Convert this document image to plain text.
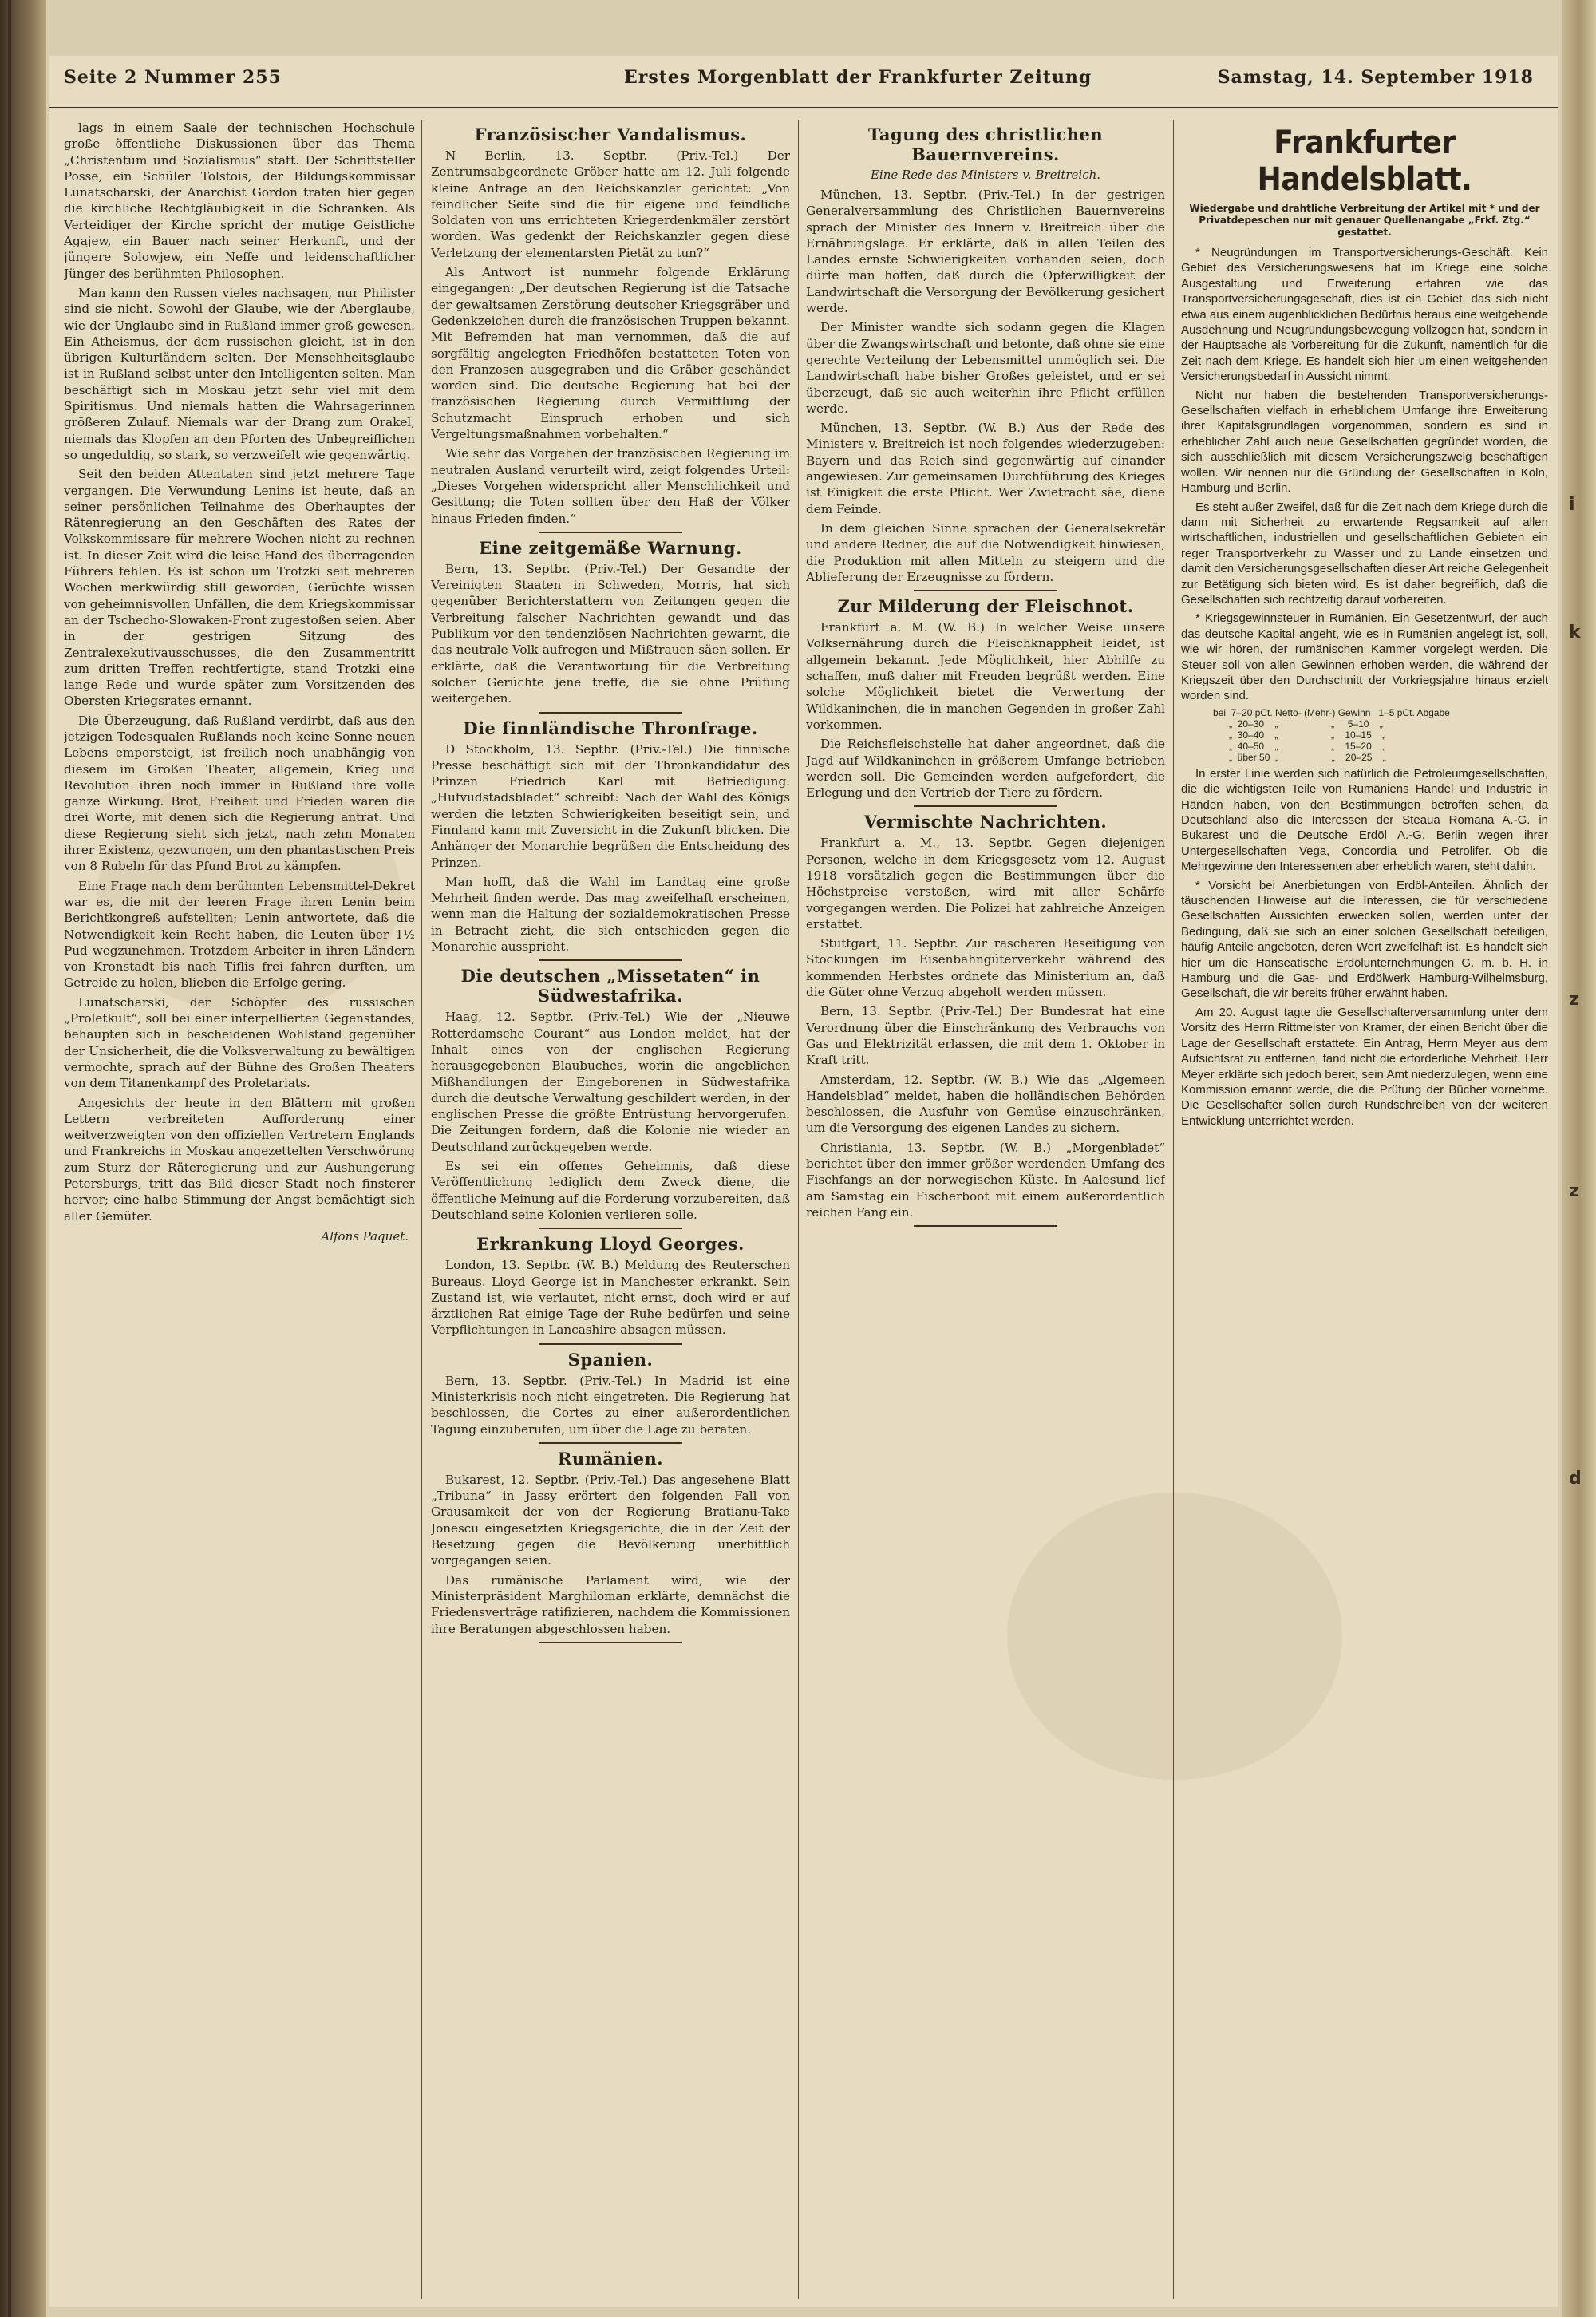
i
k
z
z
d
Seite 2 Nummer 255	Erstes Morgenblatt der Frankfurter Zeitung	Samstag, 14. September 1918

lags in einem Saale der technischen Hochschule große öffentliche Diskussionen über das Thema „Christentum und Sozialismus“ statt. Der Schriftsteller Posse, ein Schüler Tolstois, der Bildungskommissar Lunatscharski, der Anarchist Gordon traten hier gegen die kirchliche Rechtgläubigkeit in die Schranken. Als Verteidiger der Kirche spricht der mutige Geistliche Agajew, ein Bauer nach seiner Herkunft, und der jüngere Solowjew, ein Neffe und leidenschaftlicher Jünger des berühmten Philosophen.

Man kann den Russen vieles nachsagen, nur Philister sind sie nicht. Sowohl der Glaube, wie der Aberglaube, wie der Unglaube sind in Rußland immer groß gewesen. Ein Atheismus, der dem russischen gleicht, ist in den übrigen Kulturländern selten. Der Menschheitsglaube ist in Rußland selbst unter den Intelligenten selten. Man beschäftigt sich in Moskau jetzt sehr viel mit dem Spiritismus. Und niemals hatten die Wahrsagerinnen größeren Zulauf. Niemals war der Drang zum Orakel, niemals das Klopfen an den Pforten des Unbegreiflichen so ungeduldig, so stark, so verzweifelt wie gegenwärtig.

Seit den beiden Attentaten sind jetzt mehrere Tage vergangen. Die Verwundung Lenins ist heute, daß an seiner persönlichen Teilnahme des Oberhauptes der Rätenregierung an den Geschäften des Rates der Volkskommissare für mehrere Wochen nicht zu rechnen ist. In dieser Zeit wird die leise Hand des überragenden Führers fehlen. Es ist schon um Trotzki seit mehreren Wochen merkwürdig still geworden; Gerüchte wissen von geheimnisvollen Unfällen, die dem Kriegskommissar an der Tschecho-Slowaken-Front zugestoßen seien. Aber in der gestrigen Sitzung des Zentralexekutivausschusses, die den Zusammentritt zum dritten Treffen rechtfertigte, stand Trotzki eine lange Rede und wurde später zum Vorsitzenden des Obersten Kriegsrates ernannt.

Die Überzeugung, daß Rußland verdirbt, daß aus den jetzigen Todesqualen Rußlands noch keine Sonne neuen Lebens emporsteigt, ist freilich noch unabhängig von diesem im Großen Theater, allgemein, Krieg und Revolution ihren noch immer in Rußland ihre volle ganze Wirkung. Brot, Freiheit und Frieden waren die drei Worte, mit denen sich die Regierung antrat. Und diese Regierung sieht sich jetzt, nach zehn Monaten ihrer Existenz, gezwungen, um den phantastischen Preis von 8 Rubeln für das Pfund Brot zu kämpfen.

Eine Frage nach dem berühmten Lebensmittel-Dekret war es, die mit der leeren Frage ihren Lenin beim Berichtkongreß aufstellten; Lenin antwortete, daß die Notwendigkeit kein Recht haben, die Leuten über 1½ Pud wegzunehmen. Trotzdem Arbeiter in ihren Ländern von Kronstadt bis nach Tiflis frei fahren durften, um Getreide zu holen, blieben die Erfolge gering.

Lunatscharski, der Schöpfer des russischen „Proletkult“, soll bei einer interpellierten Gegenstandes, behaupten sich in bescheidenen Wohlstand gegenüber der Unsicherheit, die die Volksverwaltung zu bewältigen vermochte, sprach auf der Bühne des Großen Theaters von dem Titanenkampf des Proletariats.

Angesichts der heute in den Blättern mit großen Lettern verbreiteten Aufforderung einer weitverzweigten von den offiziellen Vertretern Englands und Frankreichs in Moskau angezettelten Verschwörung zum Sturz der Räteregierung und zur Aushungerung Petersburgs, tritt das Bild dieser Stadt noch finsterer hervor; eine halbe Stimmung der Angst bemächtigt sich aller Gemüter.

Alfons Paquet.
Französischer Vandalismus.

N Berlin, 13. Septbr. (Priv.-Tel.) Der Zentrumsabgeordnete Gröber hatte am 12. Juli folgende kleine Anfrage an den Reichskanzler gerichtet: „Von feindlicher Seite sind die für eigene und feindliche Soldaten von uns errichteten Kriegerdenkmäler zerstört worden. Was gedenkt der Reichskanzler gegen diese Verletzung der elementarsten Pietät zu tun?“

Als Antwort ist nunmehr folgende Erklärung eingegangen: „Der deutschen Regierung ist die Tatsache der gewaltsamen Zerstörung deutscher Kriegsgräber und Gedenkzeichen durch die französischen Truppen bekannt. Mit Befremden hat man vernommen, daß die auf sorgfältig angelegten Friedhöfen bestatteten Toten von den Franzosen ausgegraben und die Gräber geschändet worden sind. Die deutsche Regierung hat bei der französischen Regierung durch Vermittlung der Schutzmacht Einspruch erhoben und sich Vergeltungsmaßnahmen vorbehalten.“

Wie sehr das Vorgehen der französischen Regierung im neutralen Ausland verurteilt wird, zeigt folgendes Urteil: „Dieses Vorgehen widerspricht aller Menschlichkeit und Gesittung; die Toten sollten über den Haß der Völker hinaus Frieden finden.“

Eine zeitgemäße Warnung.

Bern, 13. Septbr. (Priv.-Tel.) Der Gesandte der Vereinigten Staaten in Schweden, Morris, hat sich gegenüber Berichterstattern von Zeitungen gegen die Verbreitung falscher Nachrichten gewandt und das Publikum vor den tendenziösen Nachrichten gewarnt, die das neutrale Volk aufregen und Mißtrauen säen sollen. Er erklärte, daß die Verantwortung für die Verbreitung solcher Gerüchte jene treffe, die sie ohne Prüfung weitergeben.

Die finnländische Thronfrage.

D Stockholm, 13. Septbr. (Priv.-Tel.) Die finnische Presse beschäftigt sich mit der Thronkandidatur des Prinzen Friedrich Karl mit Befriedigung. „Hufvudstadsbladet“ schreibt: Nach der Wahl des Königs werden die letzten Schwierigkeiten beseitigt sein, und Finnland kann mit Zuversicht in die Zukunft blicken. Die Anhänger der Monarchie begrüßen die Entscheidung des Prinzen.

Man hofft, daß die Wahl im Landtag eine große Mehrheit finden werde. Das mag zweifelhaft erscheinen, wenn man die Haltung der sozialdemokratischen Presse in Betracht zieht, die sich entschieden gegen die Monarchie ausspricht.

Die deutschen „Missetaten“ in Südwestafrika.

Haag, 12. Septbr. (Priv.-Tel.) Wie der „Nieuwe Rotterdamsche Courant“ aus London meldet, hat der Inhalt eines von der englischen Regierung herausgegebenen Blaubuches, worin die angeblichen Mißhandlungen der Eingeborenen in Südwestafrika durch die deutsche Verwaltung geschildert werden, in der englischen Presse die größte Entrüstung hervorgerufen. Die Zeitungen fordern, daß die Kolonie nie wieder an Deutschland zurückgegeben werde.

Es sei ein offenes Geheimnis, daß diese Veröffentlichung lediglich dem Zweck diene, die öffentliche Meinung auf die Forderung vorzubereiten, daß Deutschland seine Kolonien verlieren solle.

Erkrankung Lloyd Georges.

London, 13. Septbr. (W. B.) Meldung des Reuterschen Bureaus. Lloyd George ist in Manchester erkrankt. Sein Zustand ist, wie verlautet, nicht ernst, doch wird er auf ärztlichen Rat einige Tage der Ruhe bedürfen und seine Verpflichtungen in Lancashire absagen müssen.

Spanien.

Bern, 13. Septbr. (Priv.-Tel.) In Madrid ist eine Ministerkrisis noch nicht eingetreten. Die Regierung hat beschlossen, die Cortes zu einer außerordentlichen Tagung einzuberufen, um über die Lage zu beraten.

Rumänien.

Bukarest, 12. Septbr. (Priv.-Tel.) Das angesehene Blatt „Tribuna“ in Jassy erörtert den folgenden Fall von Grausamkeit der von der Regierung Bratianu-Take Jonescu eingesetzten Kriegsgerichte, die in der Zeit der Besetzung gegen die Bevölkerung unerbittlich vorgegangen seien.

Das rumänische Parlament wird, wie der Ministerpräsident Marghiloman erklärte, demnächst die Friedensverträge ratifizieren, nachdem die Kommissionen ihre Beratungen abgeschlossen haben.

Tagung des christlichen Bauernvereins.
Eine Rede des Ministers v. Breitreich.

München, 13. Septbr. (Priv.-Tel.) In der gestrigen Generalversammlung des Christlichen Bauernvereins sprach der Minister des Innern v. Breitreich über die Ernährungslage. Er erklärte, daß in allen Teilen des Landes ernste Schwierigkeiten vorhanden seien, doch dürfe man hoffen, daß durch die Opferwilligkeit der Landwirtschaft die Versorgung der Bevölkerung gesichert werde.

Der Minister wandte sich sodann gegen die Klagen über die Zwangswirtschaft und betonte, daß ohne sie eine gerechte Verteilung der Lebensmittel unmöglich sei. Die Landwirtschaft habe bisher Großes geleistet, und er sei überzeugt, daß sie auch weiterhin ihre Pflicht erfüllen werde.

München, 13. Septbr. (W. B.) Aus der Rede des Ministers v. Breitreich ist noch folgendes wiederzugeben: Bayern und das Reich sind gegenwärtig auf einander angewiesen. Zur gemeinsamen Durchführung des Krieges ist Einigkeit die erste Pflicht. Wer Zwietracht säe, diene dem Feinde.

In dem gleichen Sinne sprachen der Generalsekretär und andere Redner, die auf die Notwendigkeit hinwiesen, die Produktion mit allen Mitteln zu steigern und die Ablieferung der Erzeugnisse zu fördern.

Zur Milderung der Fleischnot.

Frankfurt a. M. (W. B.) In welcher Weise unsere Volksernährung durch die Fleischknappheit leidet, ist allgemein bekannt. Jede Möglichkeit, hier Abhilfe zu schaffen, muß daher mit Freuden begrüßt werden. Eine solche Möglichkeit bietet die Verwertung der Wildkaninchen, die in manchen Gegenden in großer Zahl vorkommen.

Die Reichsfleischstelle hat daher angeordnet, daß die Jagd auf Wildkaninchen in größerem Umfange betrieben werden soll. Die Gemeinden werden aufgefordert, die Erlegung und den Vertrieb der Tiere zu fördern.

Vermischte Nachrichten.

Frankfurt a. M., 13. Septbr. Gegen diejenigen Personen, welche in dem Kriegsgesetz vom 12. August 1918 vorsätzlich gegen die Bestimmungen über die Höchstpreise verstoßen, wird mit aller Schärfe vorgegangen werden. Die Polizei hat zahlreiche Anzeigen erstattet.

Stuttgart, 11. Septbr. Zur rascheren Beseitigung von Stockungen im Eisenbahngüterverkehr während des kommenden Herbstes ordnete das Ministerium an, daß die Güter ohne Verzug abgeholt werden müssen.

Bern, 13. Septbr. (Priv.-Tel.) Der Bundesrat hat eine Verordnung über die Einschränkung des Verbrauchs von Gas und Elektrizität erlassen, die mit dem 1. Oktober in Kraft tritt.

Amsterdam, 12. Septbr. (W. B.) Wie das „Algemeen Handelsblad“ meldet, haben die holländischen Behörden beschlossen, die Ausfuhr von Gemüse einzuschränken, um die Versorgung des eigenen Landes zu sichern.

Christiania, 13. Septbr. (W. B.) „Morgenbladet“ berichtet über den immer größer werdenden Umfang des Fischfangs an der norwegischen Küste. In Aalesund lief am Samstag ein Fischerboot mit einem außerordentlich reichen Fang ein.

Frankfurter Handelsblatt.
Wiedergabe und drahtliche Verbreitung der Artikel mit * und der Privatdepeschen nur mit genauer Quellenangabe „Frkf. Ztg.“ gestattet.

* Neugründungen im Transportversicherungs-Geschäft. Kein Gebiet des Versicherungswesens hat im Kriege eine solche Ausgestaltung und Erweiterung erfahren wie das Transportversicherungsgeschäft, dies ist ein Gebiet, das sich nicht etwa aus einem augenblicklichen Bedürfnis heraus eine weitgehende Ausdehnung und Neugründungsbewegung vollzogen hat, sondern in der Hauptsache als Vorbereitung für die Zukunft, namentlich für die Zeit nach dem Kriege. Es handelt sich hier um einen weitgehenden Versicherungsbedarf in Aussicht nimmt.

Nicht nur haben die bestehenden Transportversicherungs-Gesellschaften vielfach in erheblichem Umfange ihre Erweiterung ihrer Kapitalsgrundlagen vorgenommen, sondern es sind in erheblicher Zahl auch neue Gesellschaften gegründet worden, die sich ausschließlich mit diesem Versicherungszweig beschäftigen wollen. Wir nennen nur die Gründung der Gesellschaften in Köln, Hamburg und Berlin.

Es steht außer Zweifel, daß für die Zeit nach dem Kriege durch die dann mit Sicherheit zu erwartende Regsamkeit auf allen wirtschaftlichen, industriellen und gesellschaftlichen Gebieten ein reger Transportverkehr zu Wasser und zu Lande einsetzen und damit den Versicherungsgesellschaften dieser Art reiche Gelegenheit zur Betätigung sich bieten wird. Es ist daher begreiflich, daß die Gesellschaften sich rechtzeitig darauf vorbereiten.

* Kriegsgewinnsteuer in Rumänien. Ein Gesetzentwurf, der auch das deutsche Kapital angeht, wie es in Rumänien angelegt ist, soll, wie wir hören, der rumänischen Kammer vorgelegt werden. Die Steuer soll von allen Gewinnen erhoben werden, die während der Kriegszeit über den Durchschnitt der Vorkriegsjahre hinaus erzielt worden sind.

bei  7–20 pCt. Netto- (Mehr-) Gewinn   1–5 pCt. Abgabe
„  20–30    „                    „     5–10    „
„  30–40    „                    „    10–15    „
„  40–50    „                    „    15–20    „
„  über 50  „                    „    20–25    „

In erster Linie werden sich natürlich die Petroleumgesellschaften, die die wichtigsten Teile von Rumäniens Handel und Industrie in Händen haben, von den Bestimmungen betroffen sehen, da Deutschland also die Interessen der Steaua Romana A.-G. in Bukarest und die Deutsche Erdöl A.-G. Berlin wegen ihrer Untergesellschaften Vega, Concordia und Petrolifer. Ob die Mehrgewinne den Interessenten aber erheblich waren, steht dahin.

* Vorsicht bei Anerbietungen von Erdöl-Anteilen. Ähnlich der täuschenden Hinweise auf die Interessen, die für verschiedene Gesellschaften Aussichten erwecken sollen, werden unter der Bedingung, daß sie sich an einer solchen Gesellschaft beteiligen, häufig Anteile angeboten, deren Wert zweifelhaft ist. Es handelt sich hier um die Hanseatische Erdölunternehmungen G. m. b. H. in Hamburg und die Gas- und Erdölwerk Hamburg-Wilhelmsburg, Gesellschaft, die wir bereits früher erwähnt haben.

Am 20. August tagte die Gesellschafterversammlung unter dem Vorsitz des Herrn Rittmeister von Kramer, der einen Bericht über die Lage der Gesellschaft erstattete. Ein Antrag, Herrn Meyer aus dem Aufsichtsrat zu entfernen, fand nicht die erforderliche Mehrheit. Herr Meyer erklärte sich jedoch bereit, sein Amt niederzulegen, wenn eine Kommission ernannt werde, die die Prüfung der Bücher vornehme. Die Gesellschafter sollen durch Rundschreiben von der weiteren Entwicklung unterrichtet werden.
